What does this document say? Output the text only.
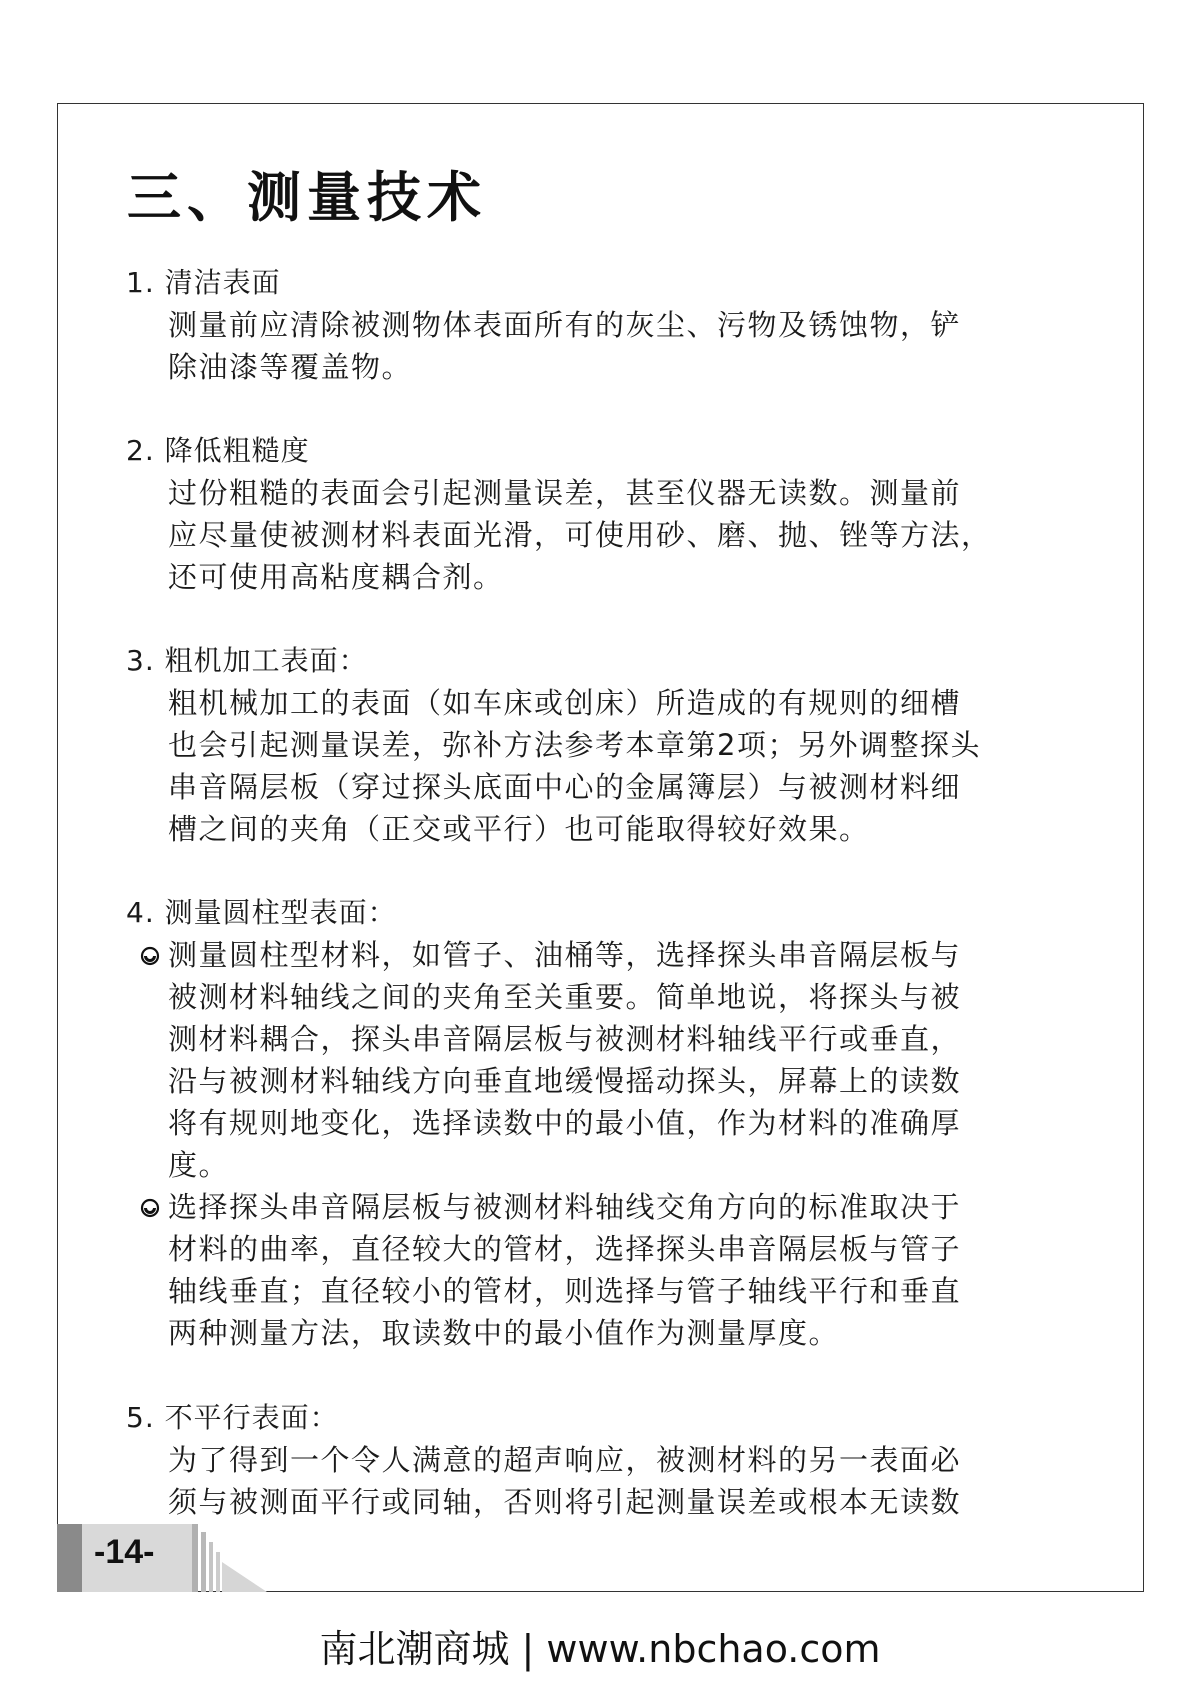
三、测量技术

1. 清洁表面

测量前应清除被测物体表面所有的灰尘、污物及锈蚀物，铲

除油漆等覆盖物。

2. 降低粗糙度

过份粗糙的表面会引起测量误差，甚至仪器无读数。测量前

应尽量使被测材料表面光滑，可使用砂、磨、抛、锉等方法，

还可使用高粘度耦合剂。

3. 粗机加工表面：

粗机械加工的表面（如车床或创床）所造成的有规则的细槽

也会引起测量误差，弥补方法参考本章第2项；另外调整探头

串音隔层板（穿过探头底面中心的金属簿层）与被测材料细

槽之间的夹角（正交或平行）也可能取得较好效果。

4. 测量圆柱型表面：

测量圆柱型材料，如管子、油桶等，选择探头串音隔层板与

被测材料轴线之间的夹角至关重要。简单地说，将探头与被

测材料耦合，探头串音隔层板与被测材料轴线平行或垂直，

沿与被测材料轴线方向垂直地缓慢摇动探头，屏幕上的读数

将有规则地变化，选择读数中的最小值，作为材料的准确厚

度。

选择探头串音隔层板与被测材料轴线交角方向的标准取决于

材料的曲率，直径较大的管材，选择探头串音隔层板与管子

轴线垂直；直径较小的管材，则选择与管子轴线平行和垂直

两种测量方法，取读数中的最小值作为测量厚度。

5. 不平行表面：

为了得到一个令人满意的超声响应，被测材料的另一表面必

须与被测面平行或同轴，否则将引起测量误差或根本无读数

-14-
南北潮商城 | www.nbchao.com
